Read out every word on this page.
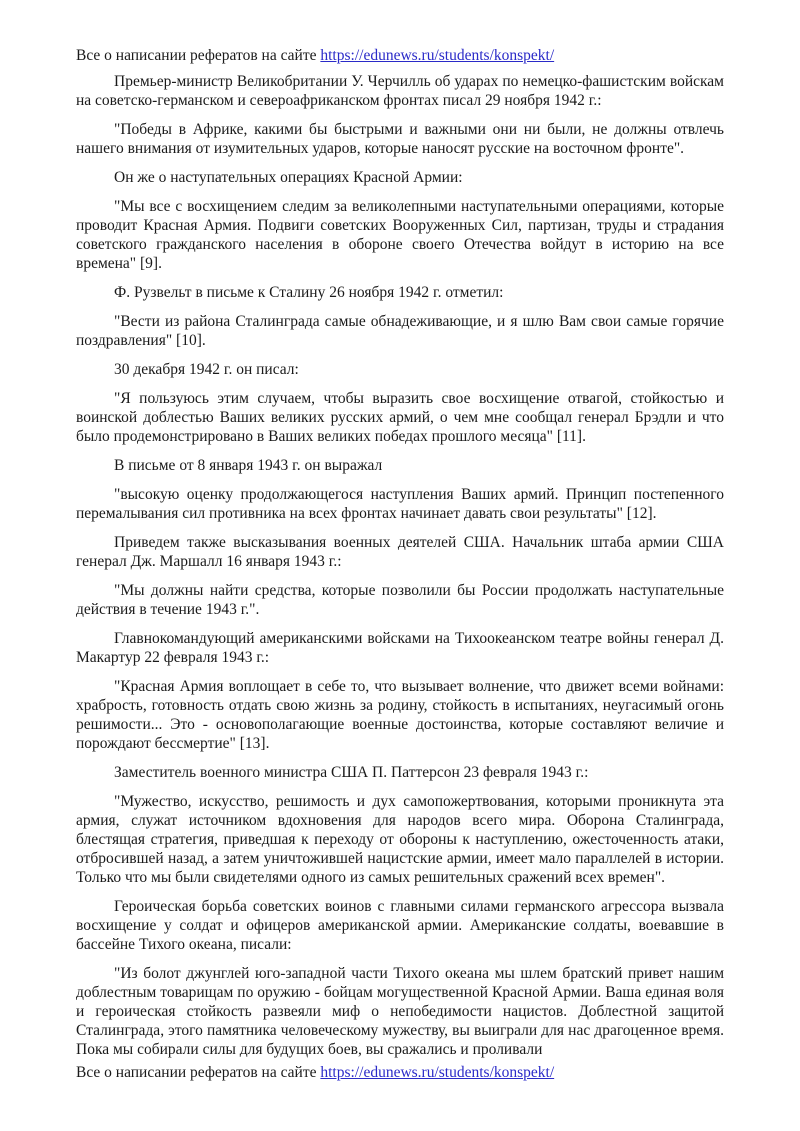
Все о написании рефератов на сайте https://edunews.ru/students/konspekt/

Премьер-министр Великобритании У. Черчилль об ударах по немецко-фашистским войскам на советско-германском и североафриканском фронтах писал 29 ноября 1942 г.:

"Победы в Африке, какими бы быстрыми и важными они ни были, не должны отвлечь нашего внимания от изумительных ударов, которые наносят русские на восточном фронте".

Он же о наступательных операциях Красной Армии:

"Мы все с восхищением следим за великолепными наступательными операциями, которые проводит Красная Армия. Подвиги советских Вооруженных Сил, партизан, труды и страдания советского гражданского населения в обороне своего Отечества войдут в историю на все времена" [9].

Ф. Рузвельт в письме к Сталину 26 ноября 1942 г. отметил:

"Вести из района Сталинграда самые обнадеживающие, и я шлю Вам свои самые горячие поздравления" [10].

30 декабря 1942 г. он писал:

"Я пользуюсь этим случаем, чтобы выразить свое восхищение отвагой, стойкостью и воинской доблестью Ваших великих русских армий, о чем мне сообщал генерал Брэдли и что было продемонстрировано в Ваших великих победах прошлого месяца" [11].

В письме от 8 января 1943 г. он выражал

"высокую оценку продолжающегося наступления Ваших армий. Принцип постепенного перемалывания сил противника на всех фронтах начинает давать свои результаты" [12].

Приведем также высказывания военных деятелей США. Начальник штаба армии США генерал Дж. Маршалл 16 января 1943 г.:

"Мы должны найти средства, которые позволили бы России продолжать наступательные действия в течение 1943 г.".

Главнокомандующий американскими войсками на Тихоокеанском театре войны генерал Д. Макартур 22 февраля 1943 г.:

"Красная Армия воплощает в себе то, что вызывает волнение, что движет всеми войнами: храбрость, готовность отдать свою жизнь за родину, стойкость в испытаниях, неугасимый огонь решимости... Это - основополагающие военные достоинства, которые составляют величие и порождают бессмертие" [13].

Заместитель военного министра США П. Паттерсон 23 февраля 1943 г.:

"Мужество, искусство, решимость и дух самопожертвования, которыми проникнута эта армия, служат источником вдохновения для народов всего мира. Оборона Сталинграда, блестящая стратегия, приведшая к переходу от обороны к наступлению, ожесточенность атаки, отбросившей назад, а затем уничтожившей нацистские армии, имеет мало параллелей в истории. Только что мы были свидетелями одного из самых решительных сражений всех времен".

Героическая борьба советских воинов с главными силами германского агрессора вызвала восхищение у солдат и офицеров американской армии. Американские солдаты, воевавшие в бассейне Тихого океана, писали:

"Из болот джунглей юго-западной части Тихого океана мы шлем братский привет нашим доблестным товарищам по оружию - бойцам могущественной Красной Армии. Ваша единая воля и героическая стойкость развеяли миф о непобедимости нацистов. Доблестной защитой Сталинграда, этого памятника человеческому мужеству, вы выиграли для нас драгоценное время. Пока мы собирали силы для будущих боев, вы сражались и проливали

Все о написании рефератов на сайте https://edunews.ru/students/konspekt/
